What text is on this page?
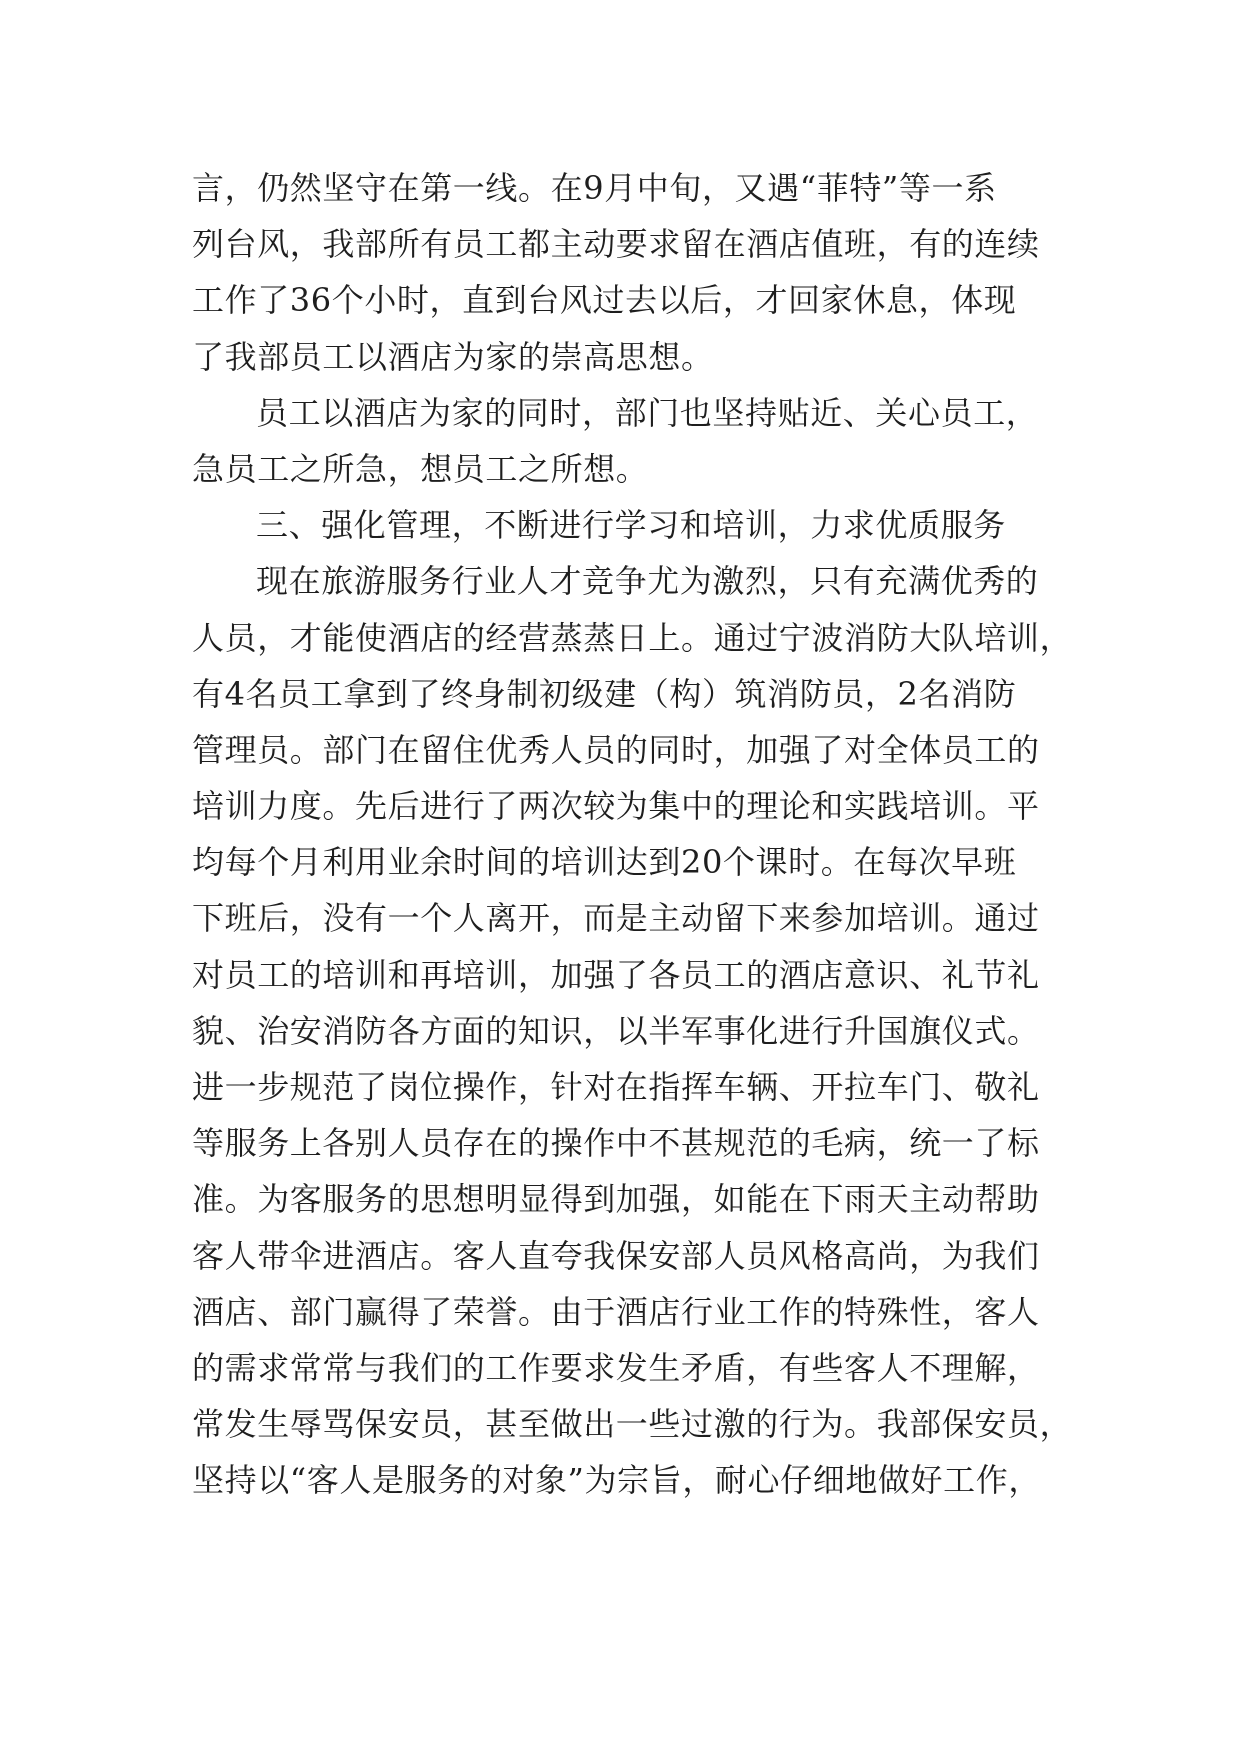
言，仍然坚守在第一线。在9月中旬，又遇“菲特”等一系
列台风，我部所有员工都主动要求留在酒店值班，有的连续
工作了36个小时，直到台风过去以后，才回家休息，体现
了我部员工以酒店为家的崇高思想。
员工以酒店为家的同时，部门也坚持贴近、关心员工，
急员工之所急，想员工之所想。
三、强化管理，不断进行学习和培训，力求优质服务
现在旅游服务行业人才竞争尤为激烈，只有充满优秀的
人员，才能使酒店的经营蒸蒸日上。通过宁波消防大队培训，
有4名员工拿到了终身制初级建（构）筑消防员，2名消防
管理员。部门在留住优秀人员的同时，加强了对全体员工的
培训力度。先后进行了两次较为集中的理论和实践培训。平
均每个月利用业余时间的培训达到20个课时。在每次早班
下班后，没有一个人离开，而是主动留下来参加培训。通过
对员工的培训和再培训，加强了各员工的酒店意识、礼节礼
貌、治安消防各方面的知识，以半军事化进行升国旗仪式。
进一步规范了岗位操作，针对在指挥车辆、开拉车门、敬礼
等服务上各别人员存在的操作中不甚规范的毛病，统一了标
准。为客服务的思想明显得到加强，如能在下雨天主动帮助
客人带伞进酒店。客人直夸我保安部人员风格高尚，为我们
酒店、部门赢得了荣誉。由于酒店行业工作的特殊性，客人
的需求常常与我们的工作要求发生矛盾，有些客人不理解，
常发生辱骂保安员，甚至做出一些过激的行为。我部保安员，
坚持以“客人是服务的对象”为宗旨，耐心仔细地做好工作，
